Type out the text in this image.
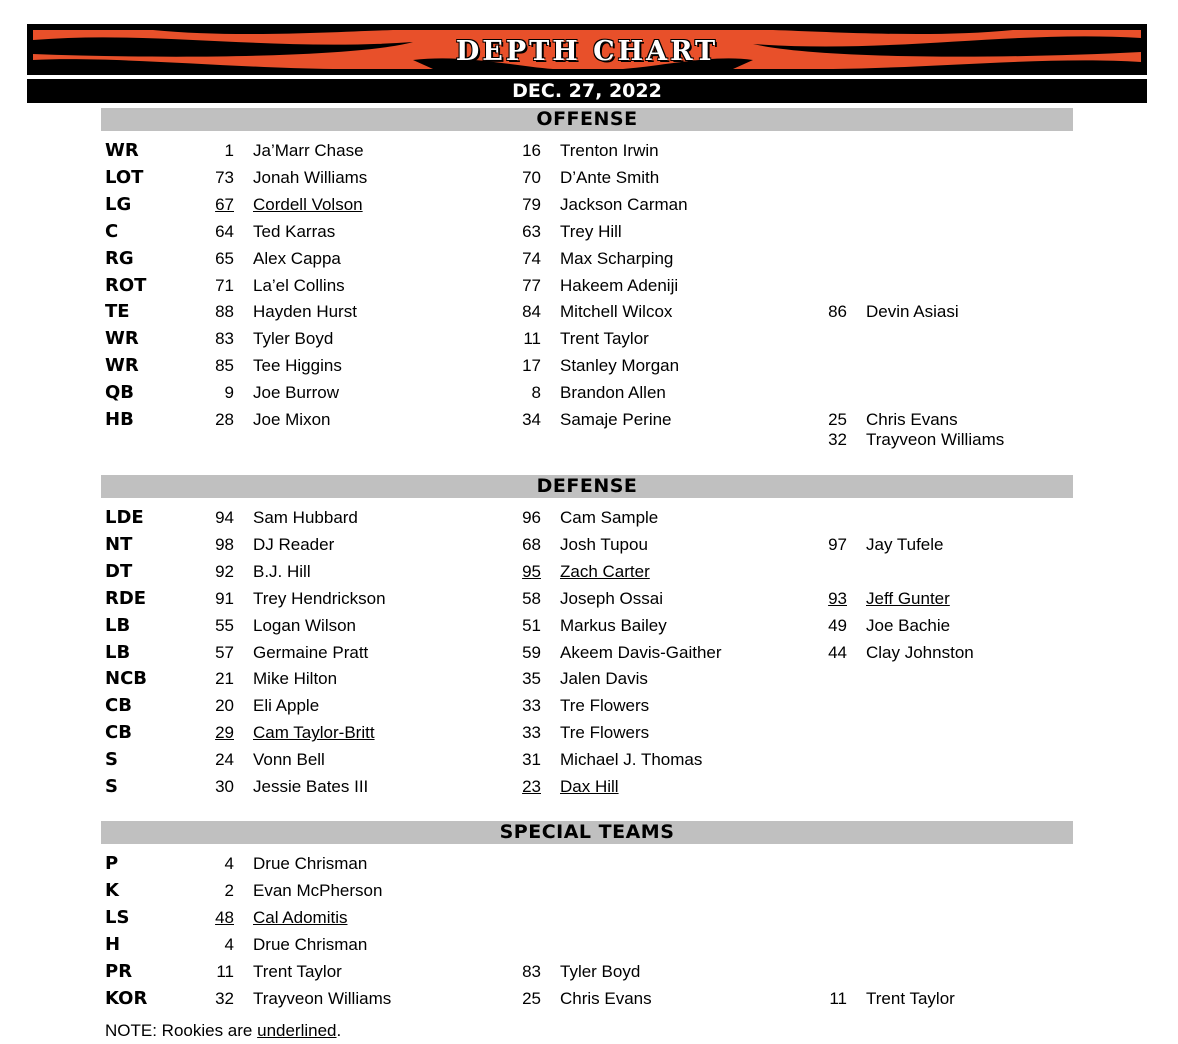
DEPTH CHART
DEC. 27, 2022
OFFENSE
WR	1 Ja’Marr Chase	16 Trenton Irwin
LOT	73 Jonah Williams	70 D’Ante Smith
LG	67 Cordell Volson	79 Jackson Carman
C	64 Ted Karras	63 Trey Hill
RG	65 Alex Cappa	74 Max Scharping
ROT	71 La’el Collins	77 Hakeem Adeniji
TE	88 Hayden Hurst	84 Mitchell Wilcox	86 Devin Asiasi
WR	83 Tyler Boyd	11 Trent Taylor
WR	85 Tee Higgins	17 Stanley Morgan
QB	9 Joe Burrow	8 Brandon Allen
HB	28 Joe Mixon	34 Samaje Perine	25 Chris Evans
32 Trayveon Williams
DEFENSE
LDE	94 Sam Hubbard	96 Cam Sample
NT	98 DJ Reader	68 Josh Tupou	97 Jay Tufele
DT	92 B.J. Hill	95 Zach Carter
RDE	91 Trey Hendrickson	58 Joseph Ossai	93 Jeff Gunter
LB	55 Logan Wilson	51 Markus Bailey	49 Joe Bachie
LB	57 Germaine Pratt	59 Akeem Davis-Gaither	44 Clay Johnston
NCB	21 Mike Hilton	35 Jalen Davis
CB	20 Eli Apple	33 Tre Flowers
CB	29 Cam Taylor-Britt	33 Tre Flowers
S	24 Vonn Bell	31 Michael J. Thomas
S	30 Jessie Bates III	23 Dax Hill
SPECIAL TEAMS
P	4 Drue Chrisman
K	2 Evan McPherson
LS	48 Cal Adomitis
H	4 Drue Chrisman
PR	11 Trent Taylor	83 Tyler Boyd
KOR	32 Trayveon Williams	25 Chris Evans	11 Trent Taylor
NOTE: Rookies are underlined.
